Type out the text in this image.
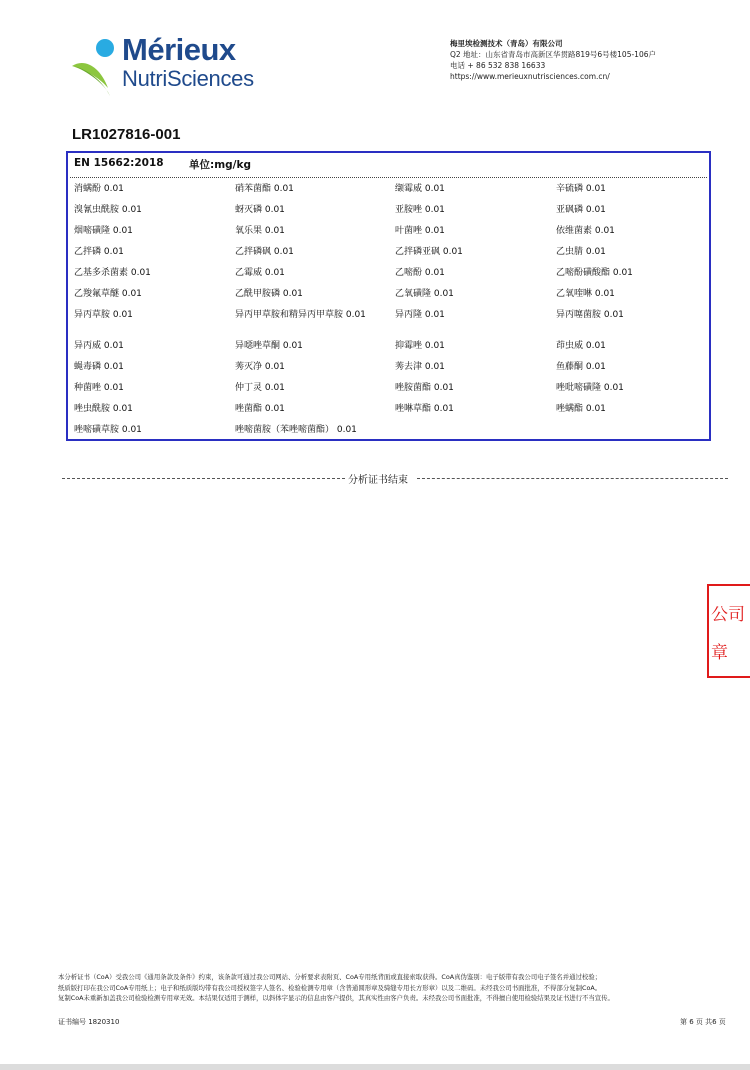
Mérieux
NutriSciences
梅里埃检测技术（青岛）有限公司
Q2 地址：山东省青岛市高新区华贯路819号6号楼105-106户
电话 + 86 532 838 16633
https://www.merieuxnutrisciences.com.cn/
LR1027816-001
EN 15662:2018 单位:mg/kg
消螨酚 0.01	硝苯菌酯 0.01	缬霉威 0.01	辛硫磷 0.01
溴氰虫酰胺 0.01	蚜灭磷 0.01	亚胺唑 0.01	亚砜磷 0.01
烟嘧磺隆 0.01	氧乐果 0.01	叶菌唑 0.01	依维菌素 0.01
乙拌磷 0.01	乙拌磷砜 0.01	乙拌磷亚砜 0.01	乙虫腈 0.01
乙基多杀菌素 0.01	乙霉威 0.01	乙嘧酚 0.01	乙嘧酚磺酸酯 0.01
乙羧氟草醚 0.01	乙酰甲胺磷 0.01	乙氧磺隆 0.01	乙氧喹啉 0.01
异丙草胺 0.01	异丙甲草胺和精异丙甲草胺 0.01	异丙隆 0.01	异丙噻菌胺 0.01
异丙威 0.01	异噁唑草酮 0.01	抑霉唑 0.01	茚虫威 0.01
蝇毒磷 0.01	莠灭净 0.01	莠去津 0.01	鱼藤酮 0.01
种菌唑 0.01	仲丁灵 0.01	唑胺菌酯 0.01	唑吡嘧磺隆 0.01
唑虫酰胺 0.01	唑菌酯 0.01	唑啉草酯 0.01	唑螨酯 0.01
唑嘧磺草胺 0.01	唑嘧菌胺（苯唑嘧菌酯） 0.01
分析证书结束
公司
章
本分析证书（CoA）受我公司《通用条款及条件》约束，该条款可通过我公司网站、分析要求表附页、CoA专用纸背面或直接索取获得。CoA真伪鉴别：电子版带有我公司电子签名并通过校验；
纸质版打印在我公司CoA专用纸上；电子和纸质版均带有我公司授权签字人签名、检验检测专用章（含普通圆形章及骑缝专用长方形章）以及二维码。未经我公司书面批准，不得部分复制CoA。
复制CoA未重新加盖我公司检验检测专用章无效。本结果仅适用于测样，以斜体字显示的信息由客户提供，其真实性由客户负责。未经我公司书面批准，不得擅自使用检验结果及证书进行不当宣传。
证书编号 1820310	第 6 页 共6 页
